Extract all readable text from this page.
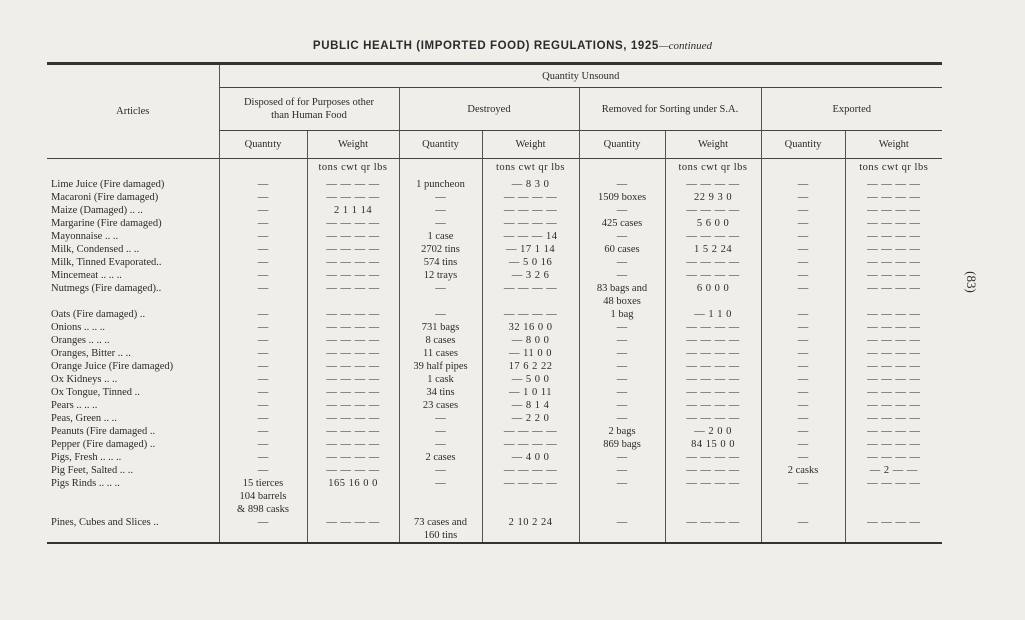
PUBLIC HEALTH (IMPORTED FOOD) REGULATIONS, 1925—continued
(83)
Articles	Quantity Unsound							
	Disposed of for Purposes other than Human Food		Destroyed		Removed for Sorting under S.A.		Exported	
	Quantıty	Weight	Quantity	Weight	Quantity	Weight	Quantity	Weight
		tons cwt qr lbs		tons cwt qr lbs		tons cwt qr lbs		tons cwt qr lbs
Lime Juice (Fire damaged)	—	— — — —	1 puncheon	— 8 3 0	—	— — — —	—	— — — —
Macaroni (Fire damaged)	—	— — — —	—	— — — —	1509 boxes	22 9 3 0	—	— — — —
Maize (Damaged) .. ..	—	2 1 1 14	—	— — — —	—	— — — —	—	— — — —
Margarine (Fire damaged)	—	— — — —	—	— — — —	425 cases	5 6 0 0	—	— — — —
Mayonnaise .. ..	—	— — — —	1 case	— — — 14	—	— — — —	—	— — — —
Milk, Condensed .. ..	—	— — — —	2702 tins	— 17 1 14	60 cases	1 5 2 24	—	— — — —
Milk, Tinned Evaporated..	—	— — — —	574 tins	— 5 0 16	—	— — — —	—	— — — —
Mincemeat .. .. ..	—	— — — —	12 trays	— 3 2 6	—	— — — —	—	— — — —
Nutmegs (Fire damaged)..	—	— — — —	—	— — — —	83 bags and	6 0 0 0	—	— — — —
					48 boxes			
Oats (Fire damaged) ..	—	— — — —	—	— — — —	1 bag	— 1 1 0	—	— — — —
Onions .. .. ..	—	— — — —	731 bags	32 16 0 0	—	— — — —	—	— — — —
Oranges .. .. ..	—	— — — —	8 cases	— 8 0 0	—	— — — —	—	— — — —
Oranges, Bitter .. ..	—	— — — —	11 cases	— 11 0 0	—	— — — —	—	— — — —
Orange Juice (Fire damaged)	—	— — — —	39 half pipes	17 6 2 22	—	— — — —	—	— — — —
Ox Kidneys .. ..	—	— — — —	1 cask	— 5 0 0	—	— — — —	—	— — — —
Ox Tongue, Tinned ..	—	— — — —	34 tins	— 1 0 11	—	— — — —	—	— — — —
Pears .. .. ..	—	— — — —	23 cases	— 8 1 4	—	— — — —	—	— — — —
Peas, Green .. ..	—	— — — —	—	— 2 2 0	—	— — — —	—	— — — —
Peanuts (Fire damaged ..	—	— — — —	—	— — — —	2 bags	— 2 0 0	—	— — — —
Pepper (Fire damaged) ..	—	— — — —	—	— — — —	869 bags	84 15 0 0	—	— — — —
Pigs, Fresh .. .. ..	—	— — — —	2 cases	— 4 0 0	—	— — — —	—	— — — —
Pig Feet, Salted .. ..	—	— — — —	—	— — — —	—	— — — —	2 casks	— 2 — —
Pigs Rinds .. .. ..	15 tierces	165 16 0 0	—	— — — —	—	— — — —	—	— — — —
	104 barrels							
	& 898 casks							
Pines, Cubes and Slices ..	—	— — — —	73 cases and	2 10 2 24	—	— — — —	—	— — — —
			160 tins					
